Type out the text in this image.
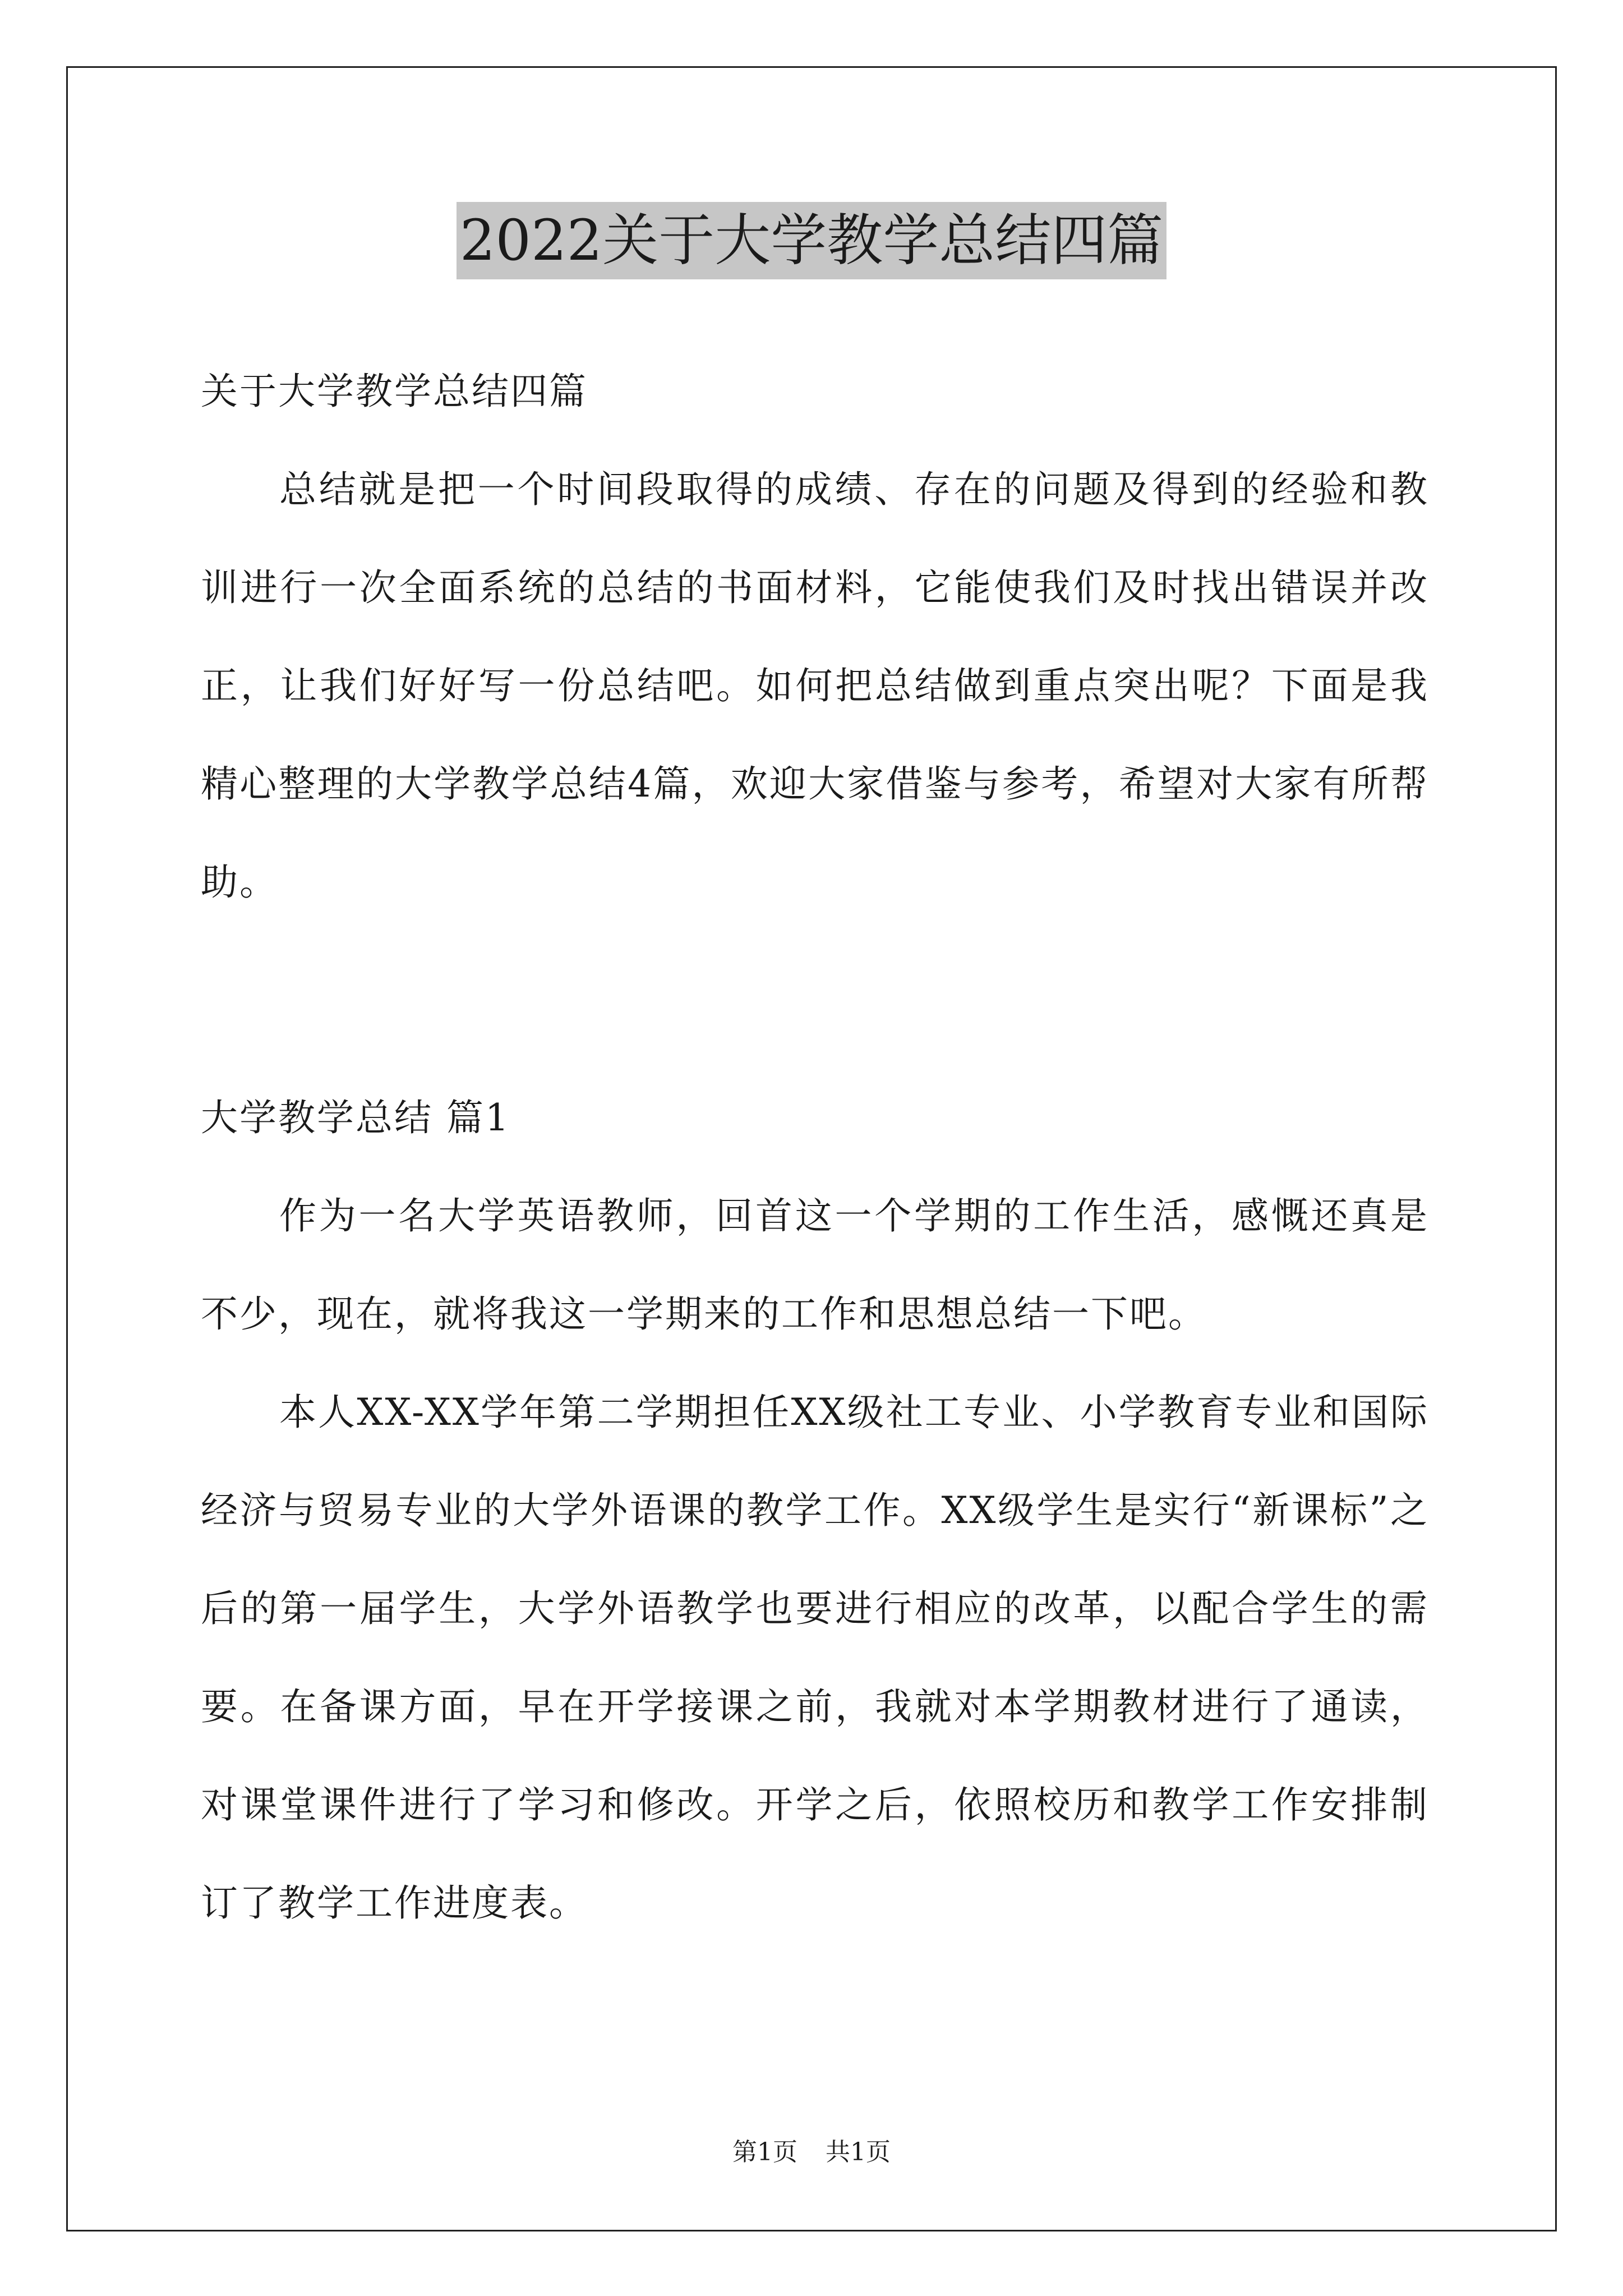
2022关于大学教学总结四篇

关于大学教学总结四篇

总结就是把一个时间段取得的成绩、存在的问题及得到的经验和教训进行一次全面系统的总结的书面材料，它能使我们及时找出错误并改正，让我们好好写一份总结吧。如何把总结做到重点突出呢？下面是我精心整理的大学教学总结4篇，欢迎大家借鉴与参考，希望对大家有所帮助。

大学教学总结 篇1

作为一名大学英语教师，回首这一个学期的工作生活，感慨还真是不少，现在，就将我这一学期来的工作和思想总结一下吧。

本人XX-XX学年第二学期担任XX级社工专业、小学教育专业和国际经济与贸易专业的大学外语课的教学工作。XX级学生是实行“新课标”之后的第一届学生，大学外语教学也要进行相应的改革，以配合学生的需要。在备课方面，早在开学接课之前，我就对本学期教材进行了通读，对课堂课件进行了学习和修改。开学之后，依照校历和教学工作安排制订了教学工作进度表。

第1页 共1页
